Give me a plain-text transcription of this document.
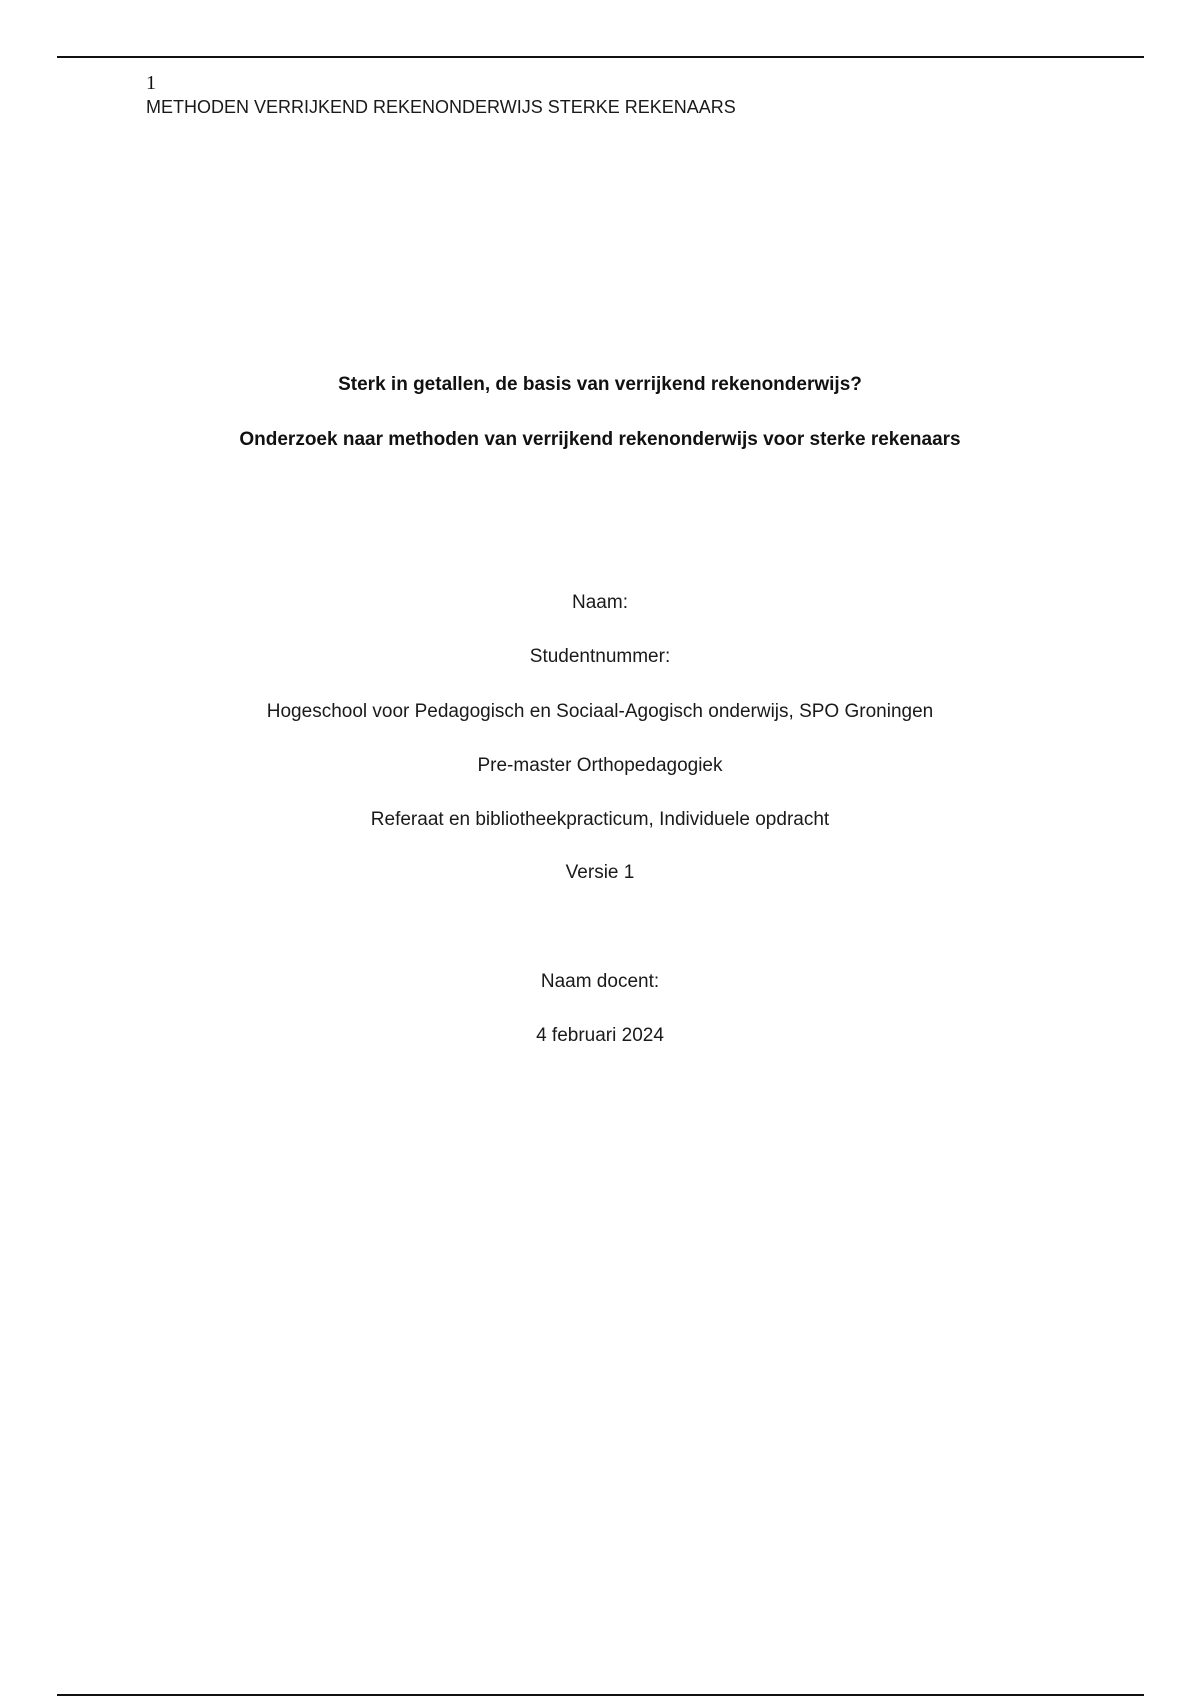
1
METHODEN VERRIJKEND REKENONDERWIJS STERKE REKENAARS
Sterk in getallen, de basis van verrijkend rekenonderwijs?
Onderzoek naar methoden van verrijkend rekenonderwijs voor sterke rekenaars
Naam:
Studentnummer:
Hogeschool voor Pedagogisch en Sociaal-Agogisch onderwijs, SPO Groningen
Pre-master Orthopedagogiek
Referaat en bibliotheekpracticum, Individuele opdracht
Versie 1
Naam docent:
4 februari 2024
